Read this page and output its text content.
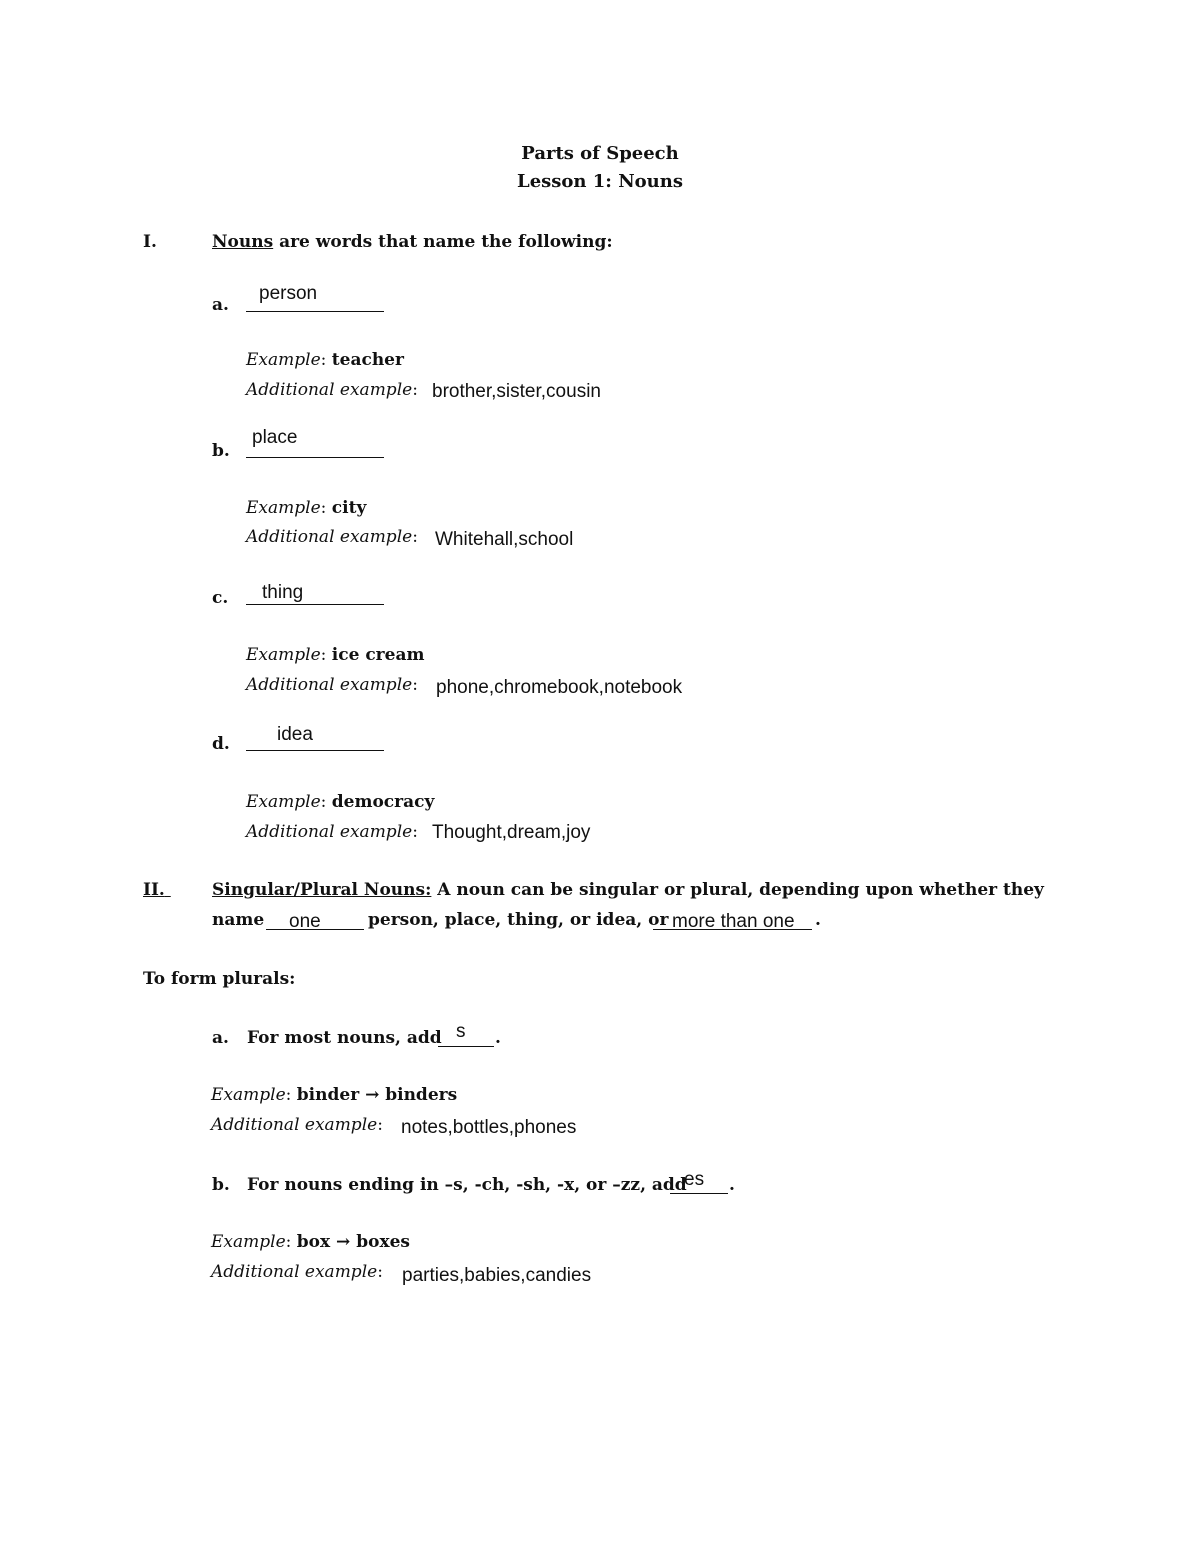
Parts of Speech
Lesson 1: Nouns
I.	Nouns are words that name the following:
a.
person
Example: teacher
Additional example: brother,sister,cousin
b.
place
Example: city
Additional example: Whitehall,school
c. thing
Example: ice cream
Additional example: phone,chromebook,notebook
d. idea
Example: democracy
Additional example: Thought,dream,joy
II.	Singular/Plural Nouns: A noun can be singular or plural, depending upon whether they
name one	person, place, thing, or idea, or more than one .
To form plurals:
a. For most nouns, add s .
Example: binder → binders
Additional example: notes,bottles,phones
b. For nouns ending in –s, -ch, -sh, -x, or –zz, add
es .
Example: box → boxes
Additional example: parties,babies,candies
